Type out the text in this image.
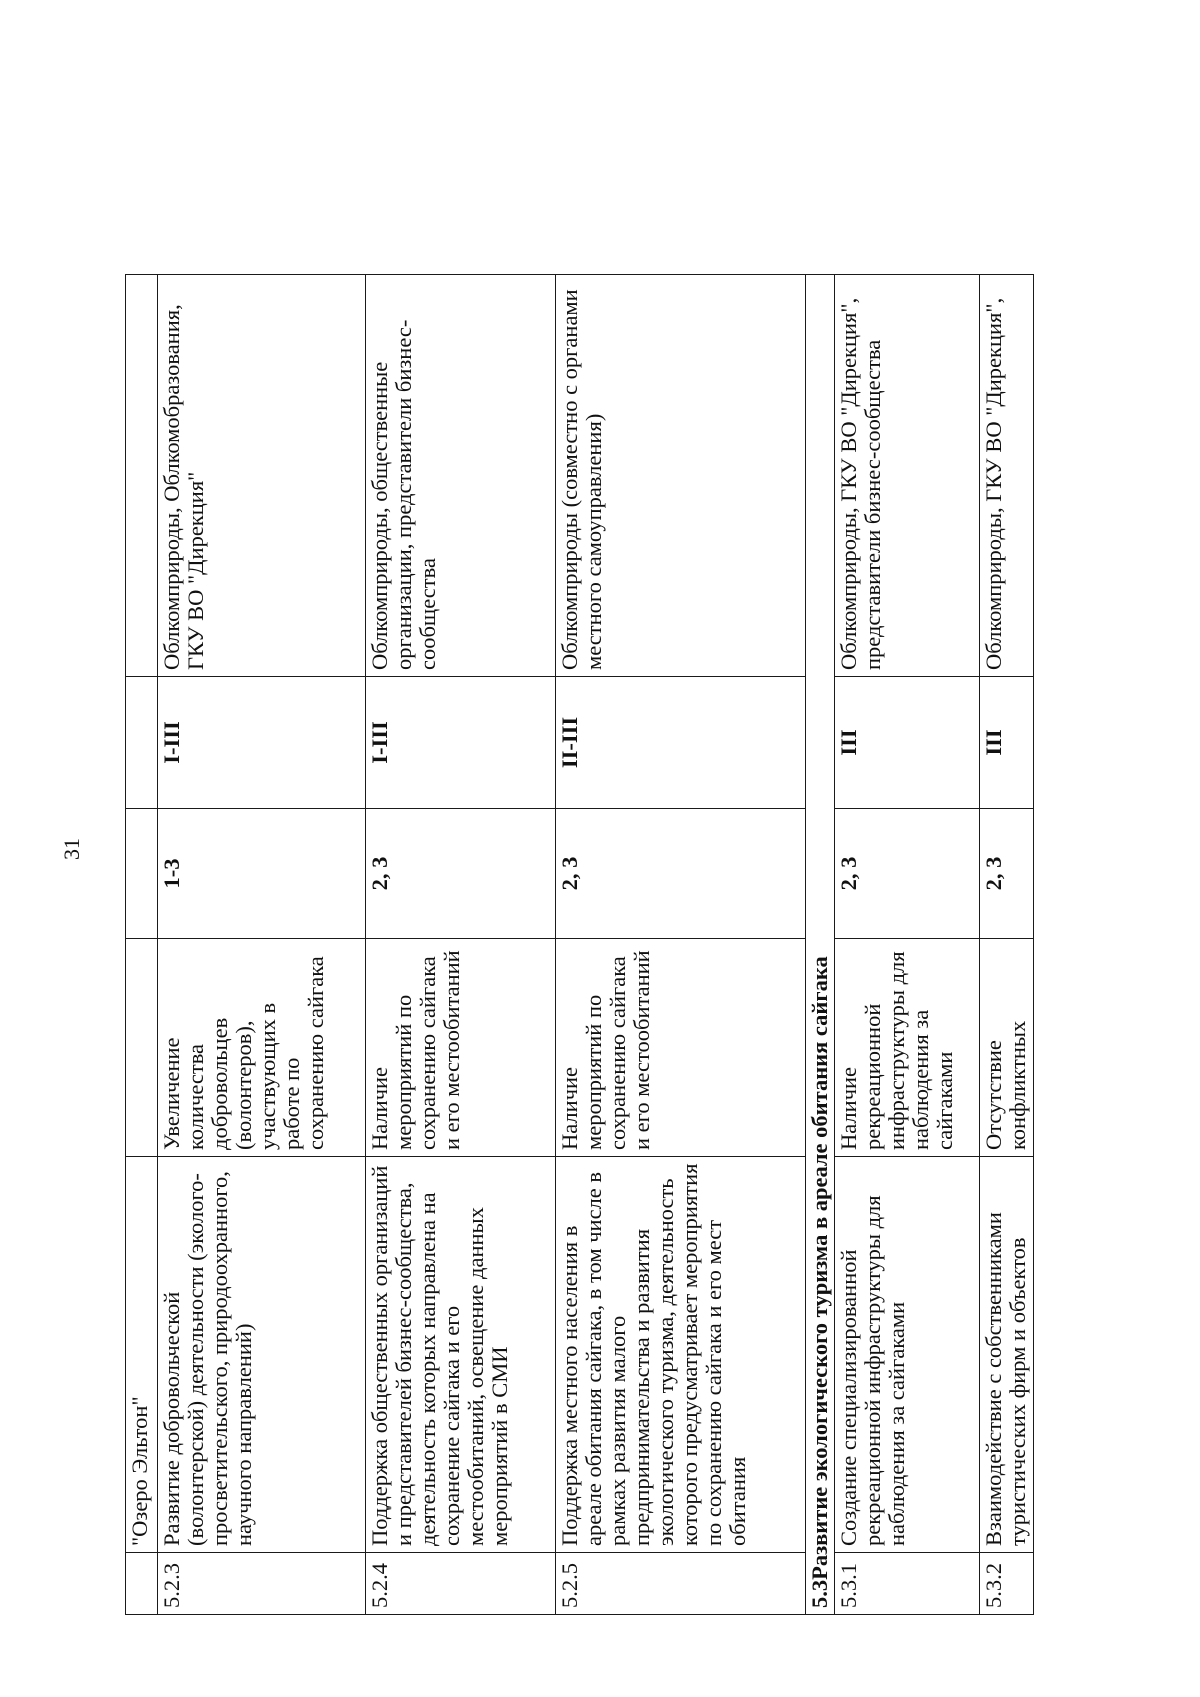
31
	"Озеро Эльтон"				
5.2.3	Развитие добровольческой (волонтерской) деятельности (эколого-просветительского, природоохранного, научного направлений)	Увеличение количества добровольцев (волонтеров), участвующих в работе по сохранению сайгака	1-3	I-III	Облкомприроды, Облкомобразования, ГКУ ВО "Дирекция"
5.2.4	Поддержка общественных организаций и представителей бизнес-сообщества, деятельность которых направлена на сохранение сайгака и его местообитаний, освещение данных мероприятий в СМИ	Наличие мероприятий по сохранению сайгака и его местообитаний	2, 3	I-III	Облкомприроды, общественные организации, представители бизнес-сообщества
5.2.5	Поддержка местного населения в ареале обитания сайгака, в том числе в рамках развития малого предпринимательства и развития экологического туризма, деятельность которого предусматривает мероприятия по сохранению сайгака и его мест обитания	Наличие мероприятий по сохранению сайгака и его местообитаний	2, 3	II-III	Облкомприроды (совместно с органами местного самоуправления)
5.3Развитие экологического туризма в ареале обитания сайгака					
5.3.1	Создание специализированной рекреационной инфраструктуры для наблюдения за сайгаками	Наличие рекреационной инфраструктуры для наблюдения за сайгаками	2, 3	III	Облкомприроды, ГКУ ВО "Дирекция", представители бизнес-сообщества
5.3.2	Взаимодействие с собственниками туристических фирм и объектов	Отсутствие конфликтных	2, 3	III	Облкомприроды, ГКУ ВО "Дирекция",
